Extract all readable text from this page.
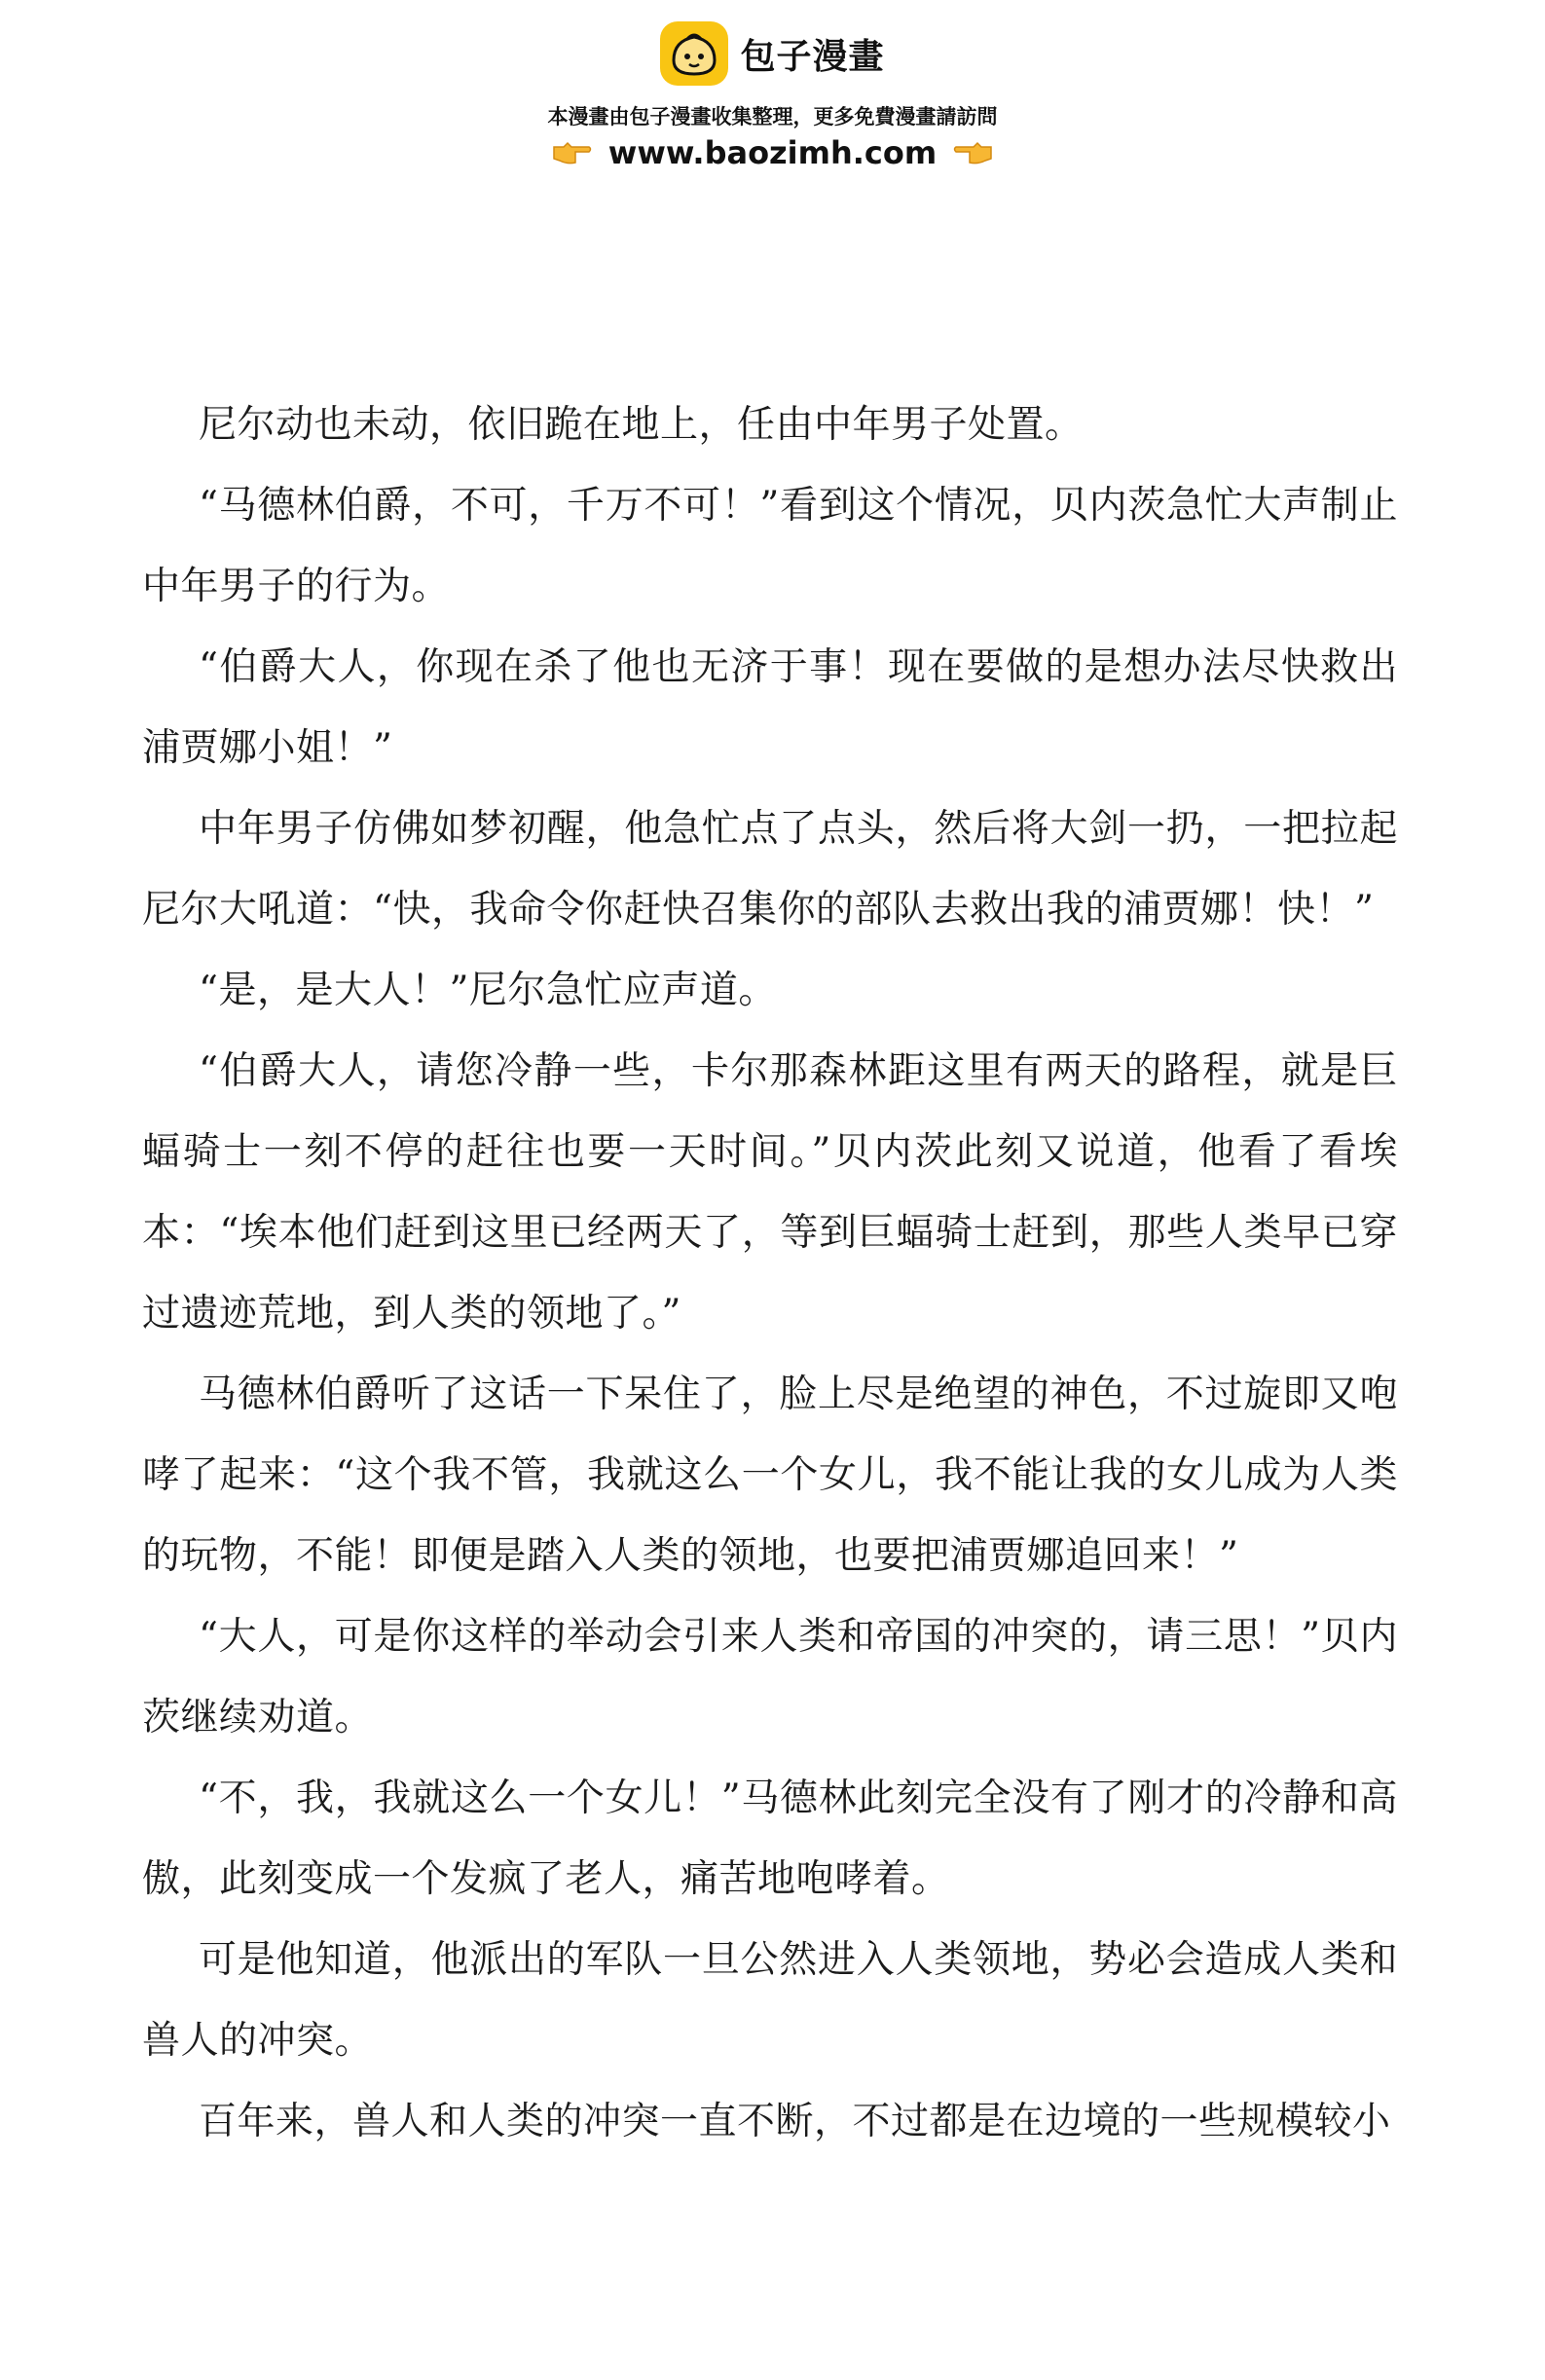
包子漫畫
本漫畫由包子漫畫收集整理，更多免費漫畫請訪問
www.baozimh.com

尼尔动也未动，依旧跪在地上，任由中年男子处置。

“马德林伯爵，不可，千万不可！”看到这个情况，贝内茨急忙大声制止中年男子的行为。

“伯爵大人，你现在杀了他也无济于事！现在要做的是想办法尽快救出浦贾娜小姐！”

中年男子仿佛如梦初醒，他急忙点了点头，然后将大剑一扔，一把拉起尼尔大吼道：“快，我命令你赶快召集你的部队去救出我的浦贾娜！快！”

“是，是大人！”尼尔急忙应声道。

“伯爵大人，请您冷静一些，卡尔那森林距这里有两天的路程，就是巨蝠骑士一刻不停的赶往也要一天时间。”贝内茨此刻又说道，他看了看埃本：“埃本他们赶到这里已经两天了，等到巨蝠骑士赶到，那些人类早已穿过遗迹荒地，到人类的领地了。”

马德林伯爵听了这话一下呆住了，脸上尽是绝望的神色，不过旋即又咆哮了起来：“这个我不管，我就这么一个女儿，我不能让我的女儿成为人类的玩物，不能！即便是踏入人类的领地，也要把浦贾娜追回来！”

“大人，可是你这样的举动会引来人类和帝国的冲突的，请三思！”贝内茨继续劝道。

“不，我，我就这么一个女儿！”马德林此刻完全没有了刚才的冷静和高傲，此刻变成一个发疯了老人，痛苦地咆哮着。

可是他知道，他派出的军队一旦公然进入人类领地，势必会造成人类和兽人的冲突。

百年来，兽人和人类的冲突一直不断，不过都是在边境的一些规模较小
